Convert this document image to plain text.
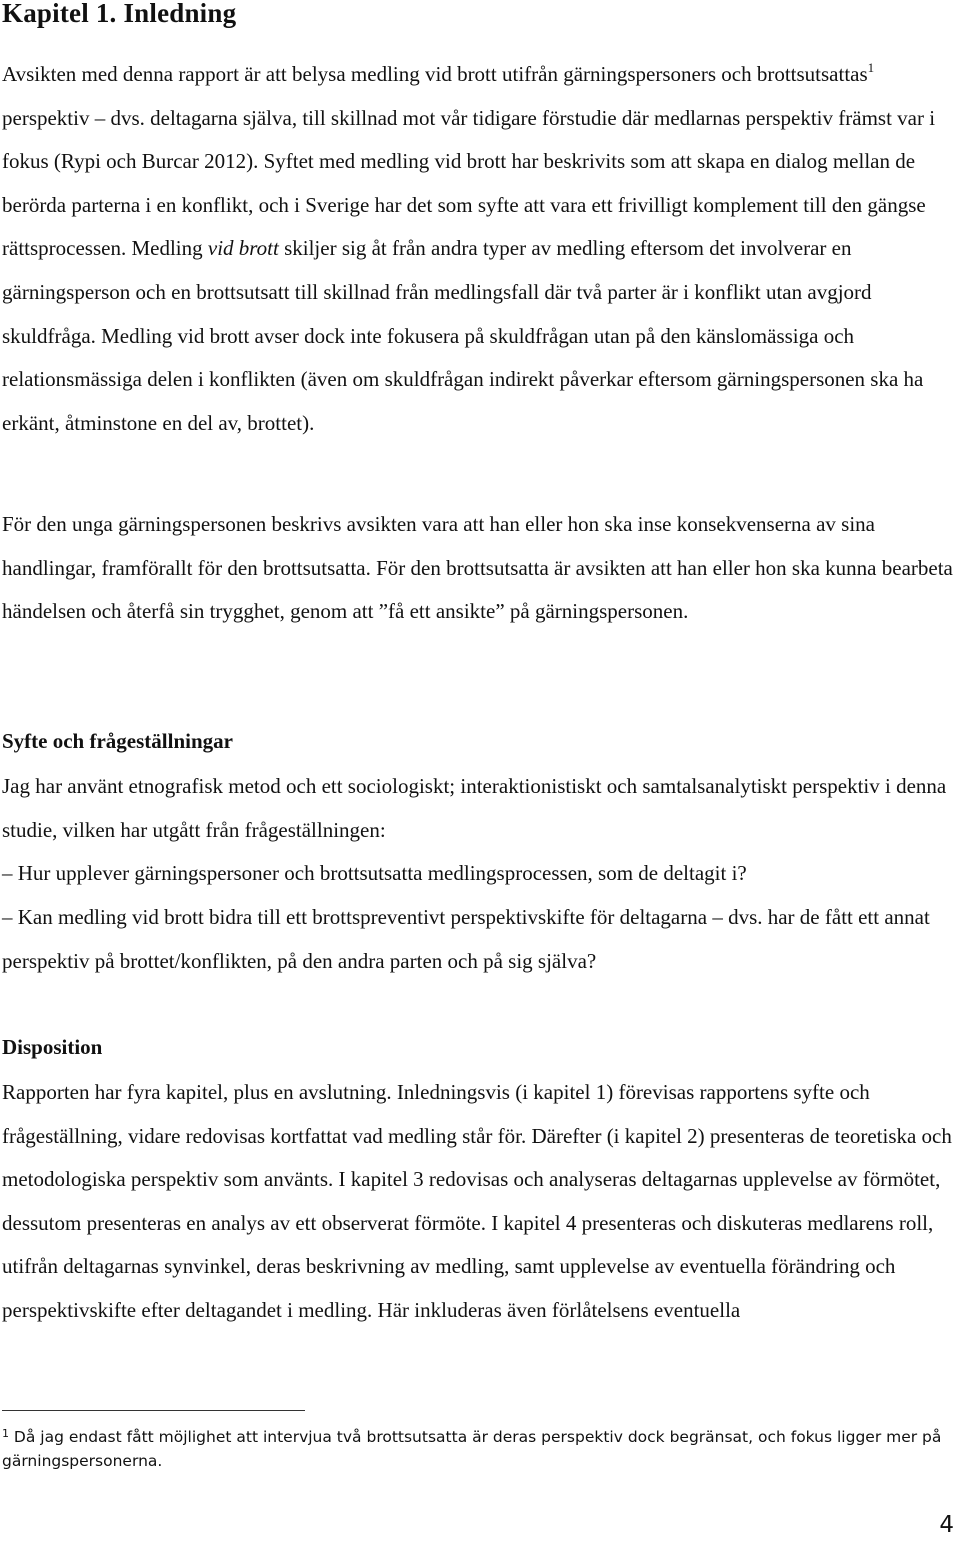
Kapitel 1. Inledning

Avsikten med denna rapport är att belysa medling vid brott utifrån gärningspersoners och brottsutsattas$^1$ perspektiv – dvs. deltagarna själva, till skillnad mot vår tidigare förstudie där medlarnas perspektiv främst var i fokus (Rypi och Burcar 2012). Syftet med medling vid brott har beskrivits som att skapa en dialog mellan de berörda parterna i en konflikt, och i Sverige har det som syfte att vara ett frivilligt komplement till den gängse rättsprocessen. Medling vid brott skiljer sig åt från andra typer av medling eftersom det involverar en gärningsperson och en brottsutsatt till skillnad från medlingsfall där två parter är i konflikt utan avgjord skuldfråga. Medling vid brott avser dock inte fokusera på skuldfrågan utan på den känslomässiga och relationsmässiga delen i konflikten (även om skuldfrågan indirekt påverkar eftersom gärningspersonen ska ha erkänt, åtminstone en del av, brottet).

För den unga gärningspersonen beskrivs avsikten vara att han eller hon ska inse konsekvenserna av sina handlingar, framförallt för den brottsutsatta. För den brottsutsatta är avsikten att han eller hon ska kunna bearbeta händelsen och återfå sin trygghet, genom att ”få ett ansikte” på gärningspersonen.

Syfte och frågeställningar

Jag har använt etnografisk metod och ett sociologiskt; interaktionistiskt och samtalsanalytiskt perspektiv i denna studie, vilken har utgått från frågeställningen:

– Hur upplever gärningspersoner och brottsutsatta medlingsprocessen, som de deltagit i?

– Kan medling vid brott bidra till ett brottspreventivt perspektivskifte för deltagarna – dvs. har de fått ett annat perspektiv på brottet/konflikten, på den andra parten och på sig själva?

Disposition

Rapporten har fyra kapitel, plus en avslutning. Inledningsvis (i kapitel 1) förevisas rapportens syfte och frågeställning, vidare redovisas kortfattat vad medling står för. Därefter (i kapitel 2) presenteras de teoretiska och metodologiska perspektiv som använts. I kapitel 3 redovisas och analyseras deltagarnas upplevelse av förmötet, dessutom presenteras en analys av ett observerat förmöte. I kapitel 4 presenteras och diskuteras medlarens roll, utifrån deltagarnas synvinkel, deras beskrivning av medling, samt upplevelse av eventuella förändring och perspektivskifte efter deltagandet i medling. Här inkluderas även förlåtelsens eventuella

$^1$ Då jag endast fått möjlighet att intervjua två brottsutsatta är deras perspektiv dock begränsat, och fokus ligger mer på gärningspersonerna.

4
